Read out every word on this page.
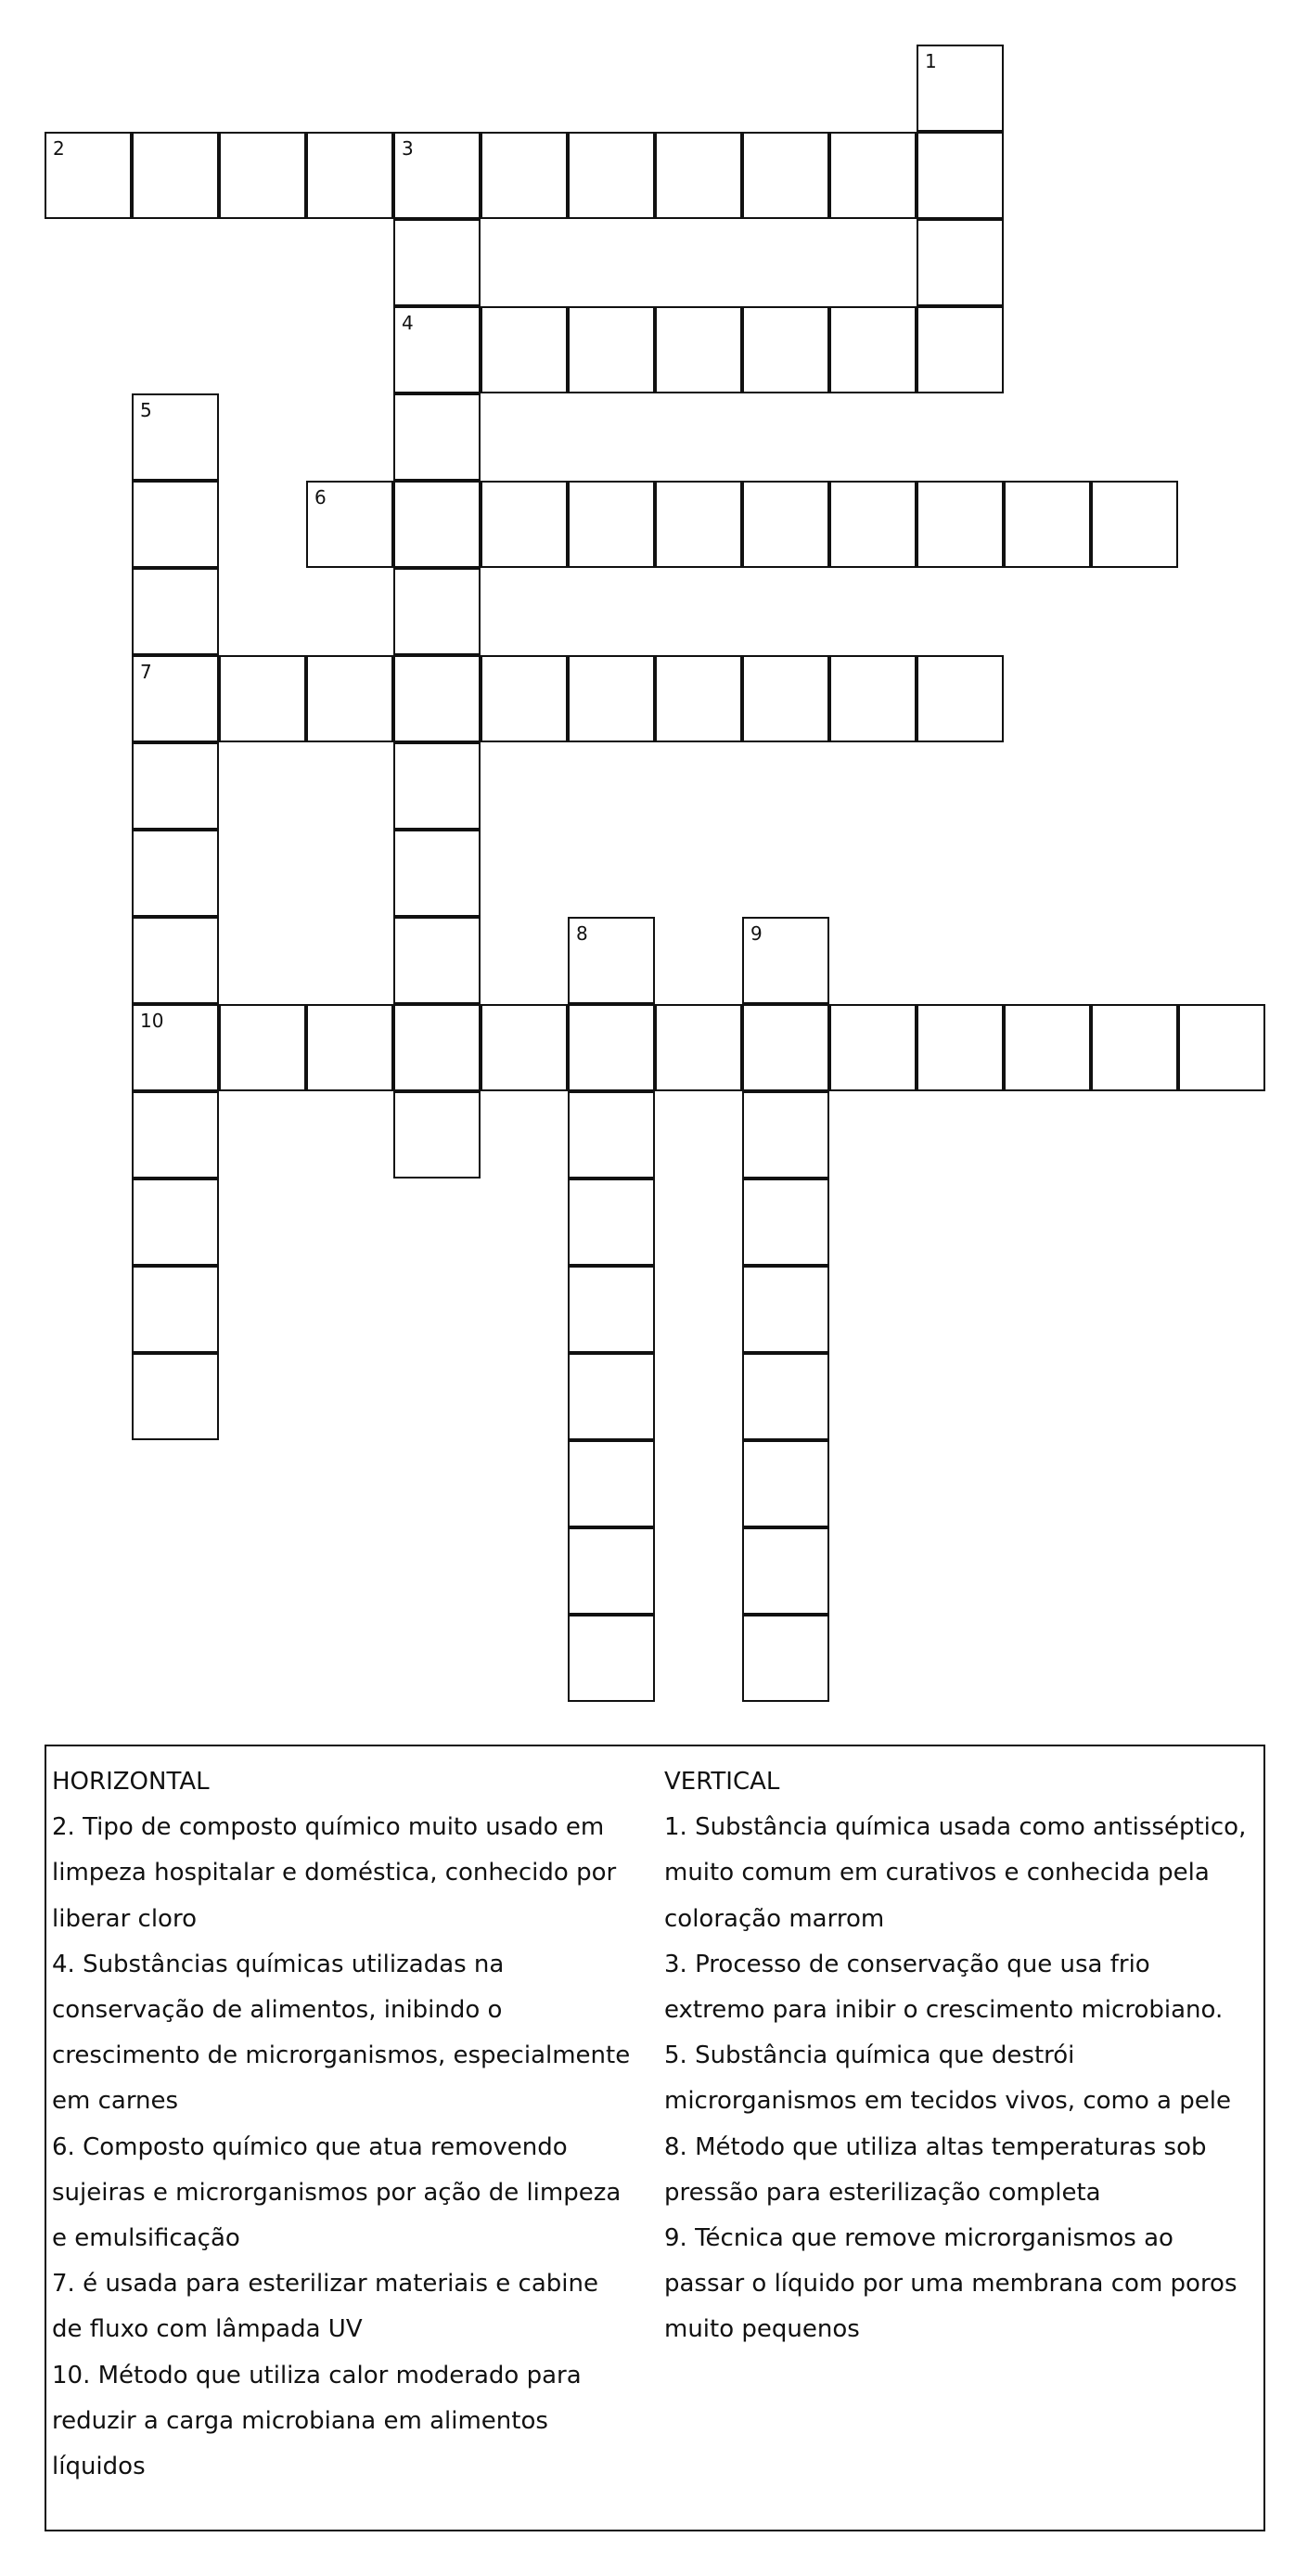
1
2	3
4
5
7
10
6
8	9
HORIZONTAL
2. Tipo de composto químico muito usado em
limpeza hospitalar e doméstica, conhecido por
liberar cloro
4. Substâncias químicas utilizadas na
conservação de alimentos, inibindo o
crescimento de microrganismos, especialmente
em carnes
6. Composto químico que atua removendo
sujeiras e microrganismos por ação de limpeza
e emulsificação
7. é usada para esterilizar materiais e cabine
de fluxo com lâmpada UV
10. Método que utiliza calor moderado para
reduzir a carga microbiana em alimentos
líquidos
VERTICAL
1. Substância química usada como antisséptico,
muito comum em curativos e conhecida pela
coloração marrom
3. Processo de conservação que usa frio
extremo para inibir o crescimento microbiano.
5. Substância química que destrói
microrganismos em tecidos vivos, como a pele
8. Método que utiliza altas temperaturas sob
pressão para esterilização completa
9. Técnica que remove microrganismos ao
passar o líquido por uma membrana com poros
muito pequenos
